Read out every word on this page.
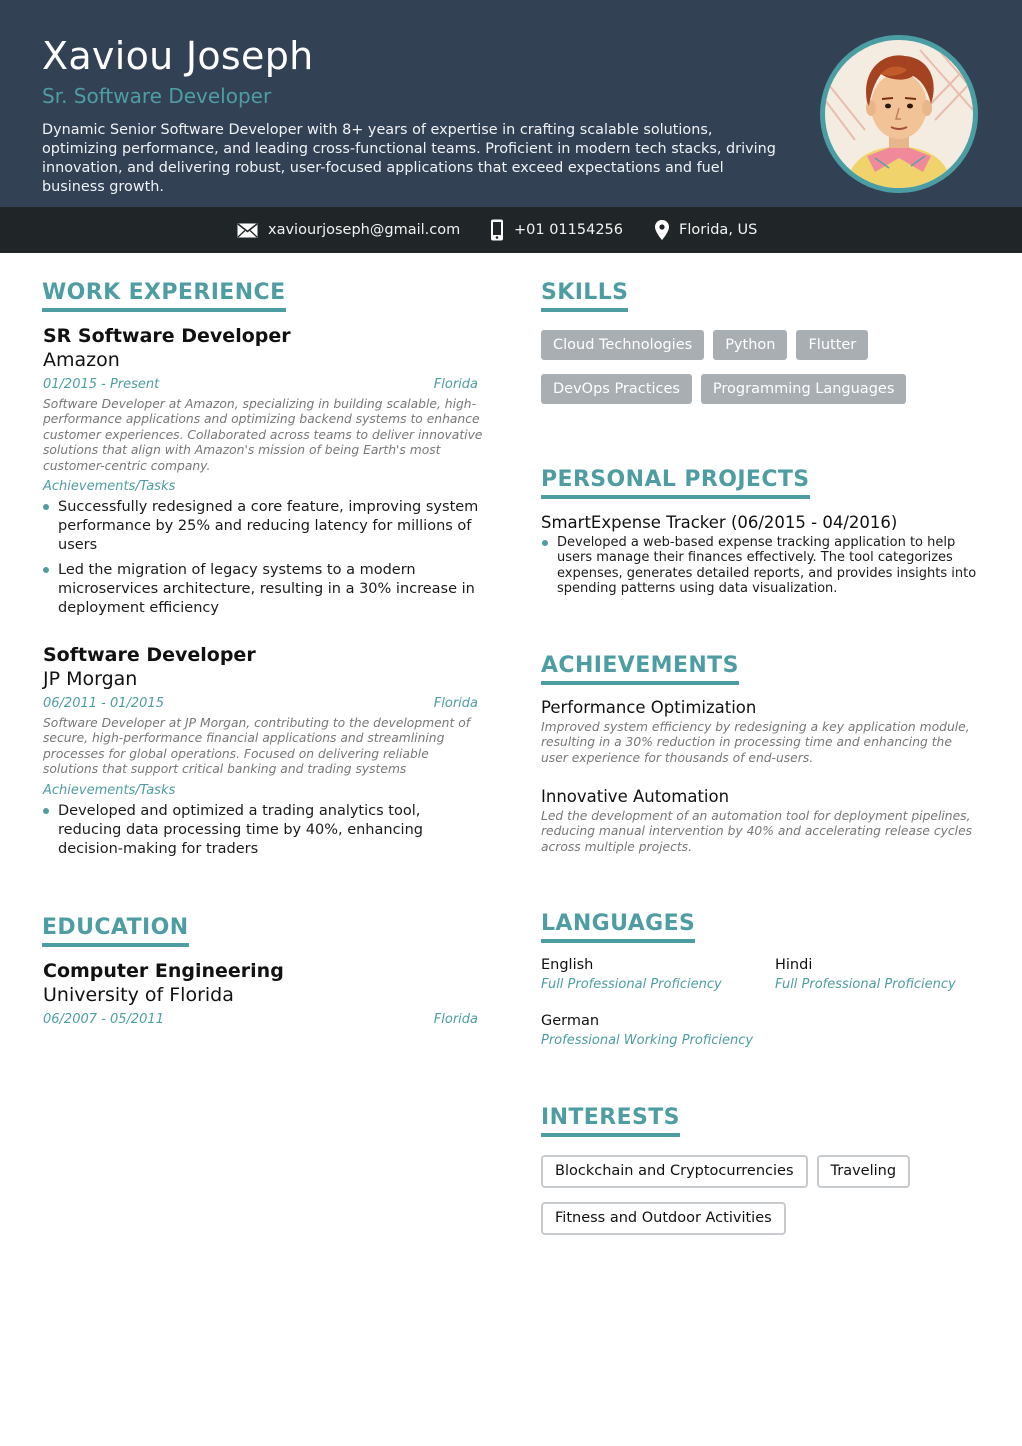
Xaviou Joseph
Sr. Software Developer
Dynamic Senior Software Developer with 8+ years of expertise in crafting scalable solutions, optimizing performance, and leading cross-functional teams. Proficient in modern tech stacks, driving innovation, and delivering robust, user-focused applications that exceed expectations and fuel business growth.
xaviourjoseph@gmail.com	+01 01154256	Florida, US
WORK EXPERIENCE
SR Software Developer
Amazon
01/2015 - Present	Florida
Software Developer at Amazon, specializing in building scalable, high-performance applications and optimizing backend systems to enhance customer experiences. Collaborated across teams to deliver innovative solutions that align with Amazon's mission of being Earth's most customer-centric company.
Achievements/Tasks
Successfully redesigned a core feature, improving system performance by 25% and reducing latency for millions of users
Led the migration of legacy systems to a modern microservices architecture, resulting in a 30% increase in deployment efficiency
Software Developer
JP Morgan
06/2011 - 01/2015	Florida
Software Developer at JP Morgan, contributing to the development of secure, high-performance financial applications and streamlining processes for global operations. Focused on delivering reliable solutions that support critical banking and trading systems
Achievements/Tasks
Developed and optimized a trading analytics tool, reducing data processing time by 40%, enhancing decision-making for traders
EDUCATION
Computer Engineering
University of Florida
06/2007 - 05/2011	Florida
SKILLS
Cloud Technologies	Python	Flutter
DevOps Practices	Programming Languages
PERSONAL PROJECTS
SmartExpense Tracker (06/2015 - 04/2016)
Developed a web-based expense tracking application to help users manage their finances effectively. The tool categorizes expenses, generates detailed reports, and provides insights into spending patterns using data visualization.
ACHIEVEMENTS
Performance Optimization
Improved system efficiency by redesigning a key application module, resulting in a 30% reduction in processing time and enhancing the user experience for thousands of end-users.
Innovative Automation
Led the development of an automation tool for deployment pipelines, reducing manual intervention by 40% and accelerating release cycles across multiple projects.
LANGUAGES
English
Full Professional Proficiency
Hindi
Full Professional Proficiency
German
Professional Working Proficiency
INTERESTS
Blockchain and Cryptocurrencies	Traveling
Fitness and Outdoor Activities
